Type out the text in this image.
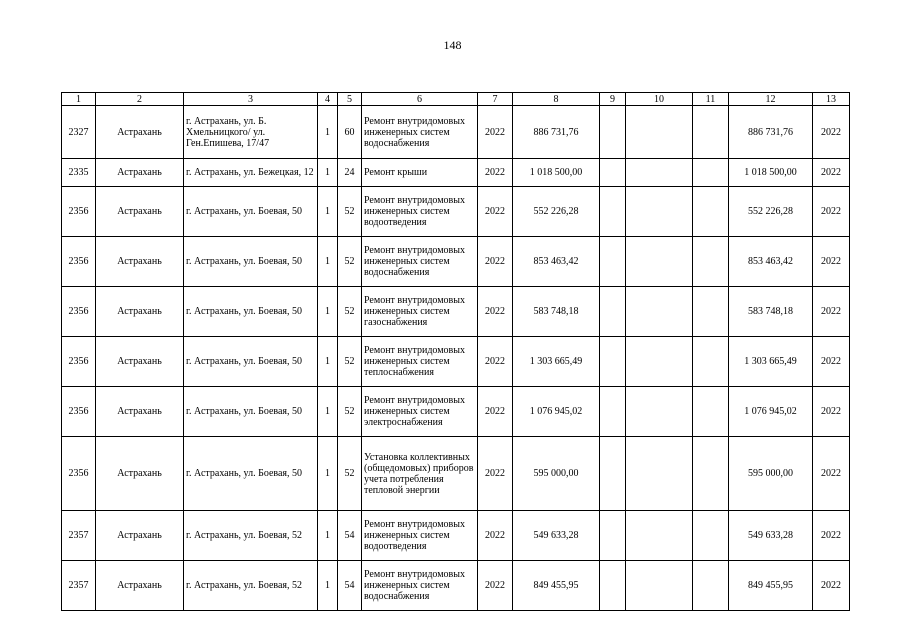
148
1	2	3	4	5	6	7	8	9	10	11	12	13
2327	Астрахань	г. Астрахань, ул. Б. Хмельницкого/ ул. Ген.Епишева, 17/47	1	60	Ремонт внутридомовых инженерных систем водоснабжения	2022	886 731,76				886 731,76	2022
2335	Астрахань	г. Астрахань, ул. Бежецкая, 12	1	24	Ремонт крыши	2022	1 018 500,00				1 018 500,00	2022
2356	Астрахань	г. Астрахань, ул. Боевая, 50	1	52	Ремонт внутридомовых инженерных систем водоотведения	2022	552 226,28				552 226,28	2022
2356	Астрахань	г. Астрахань, ул. Боевая, 50	1	52	Ремонт внутридомовых инженерных систем водоснабжения	2022	853 463,42				853 463,42	2022
2356	Астрахань	г. Астрахань, ул. Боевая, 50	1	52	Ремонт внутридомовых инженерных систем газоснабжения	2022	583 748,18				583 748,18	2022
2356	Астрахань	г. Астрахань, ул. Боевая, 50	1	52	Ремонт внутридомовых инженерных систем теплоснабжения	2022	1 303 665,49				1 303 665,49	2022
2356	Астрахань	г. Астрахань, ул. Боевая, 50	1	52	Ремонт внутридомовых инженерных систем электроснабжения	2022	1 076 945,02				1 076 945,02	2022
2356	Астрахань	г. Астрахань, ул. Боевая, 50	1	52	Установка коллективных (общедомовых) приборов учета потребления тепловой энергии	2022	595 000,00				595 000,00	2022
2357	Астрахань	г. Астрахань, ул. Боевая, 52	1	54	Ремонт внутридомовых инженерных систем водоотведения	2022	549 633,28				549 633,28	2022
2357	Астрахань	г. Астрахань, ул. Боевая, 52	1	54	Ремонт внутридомовых инженерных систем водоснабжения	2022	849 455,95				849 455,95	2022
